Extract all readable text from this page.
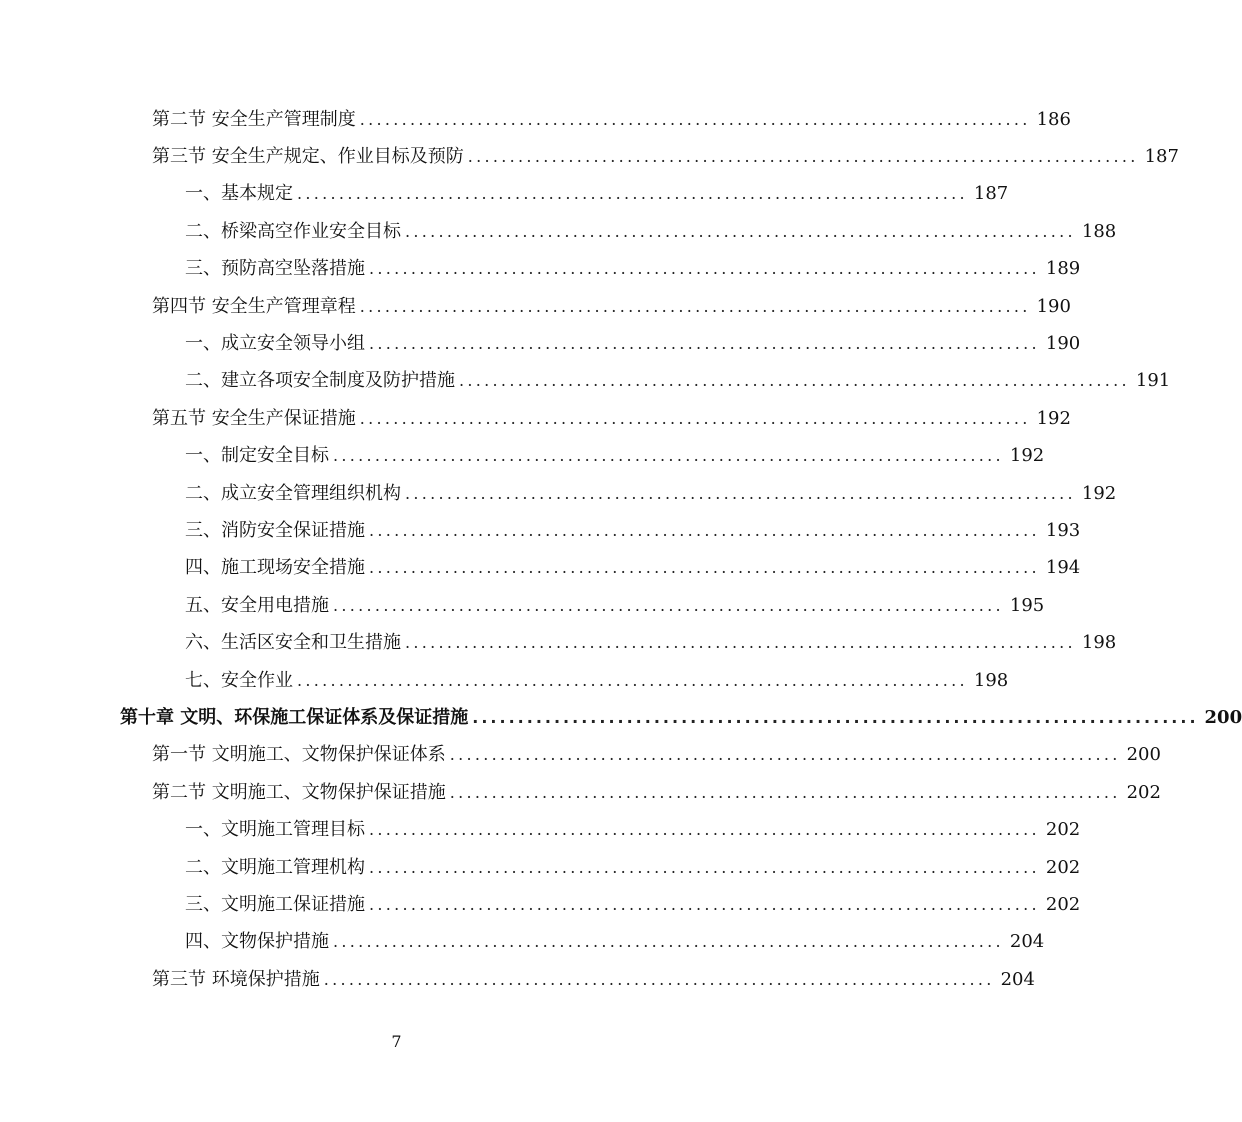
第二节 安全生产管理制度 ................................................................................ 186
第三节 安全生产规定、作业目标及预防 ................................................................................ 187
一、基本规定 ................................................................................ 187
二、桥梁高空作业安全目标 ................................................................................ 188
三、预防高空坠落措施 ................................................................................ 189
第四节 安全生产管理章程 ................................................................................ 190
一、成立安全领导小组 ................................................................................ 190
二、建立各项安全制度及防护措施 ................................................................................ 191
第五节 安全生产保证措施 ................................................................................ 192
一、制定安全目标 ................................................................................ 192
二、成立安全管理组织机构 ................................................................................ 192
三、消防安全保证措施 ................................................................................ 193
四、施工现场安全措施 ................................................................................ 194
五、安全用电措施 ................................................................................ 195
六、生活区安全和卫生措施 ................................................................................ 198
七、安全作业 ................................................................................ 198
第十章 文明、环保施工保证体系及保证措施 ................................................................................ 200
第一节 文明施工、文物保护保证体系 ................................................................................ 200
第二节 文明施工、文物保护保证措施 ................................................................................ 202
一、文明施工管理目标 ................................................................................ 202
二、文明施工管理机构 ................................................................................ 202
三、文明施工保证措施 ................................................................................ 202
四、文物保护措施 ................................................................................ 204
第三节 环境保护措施 ................................................................................ 204
7
